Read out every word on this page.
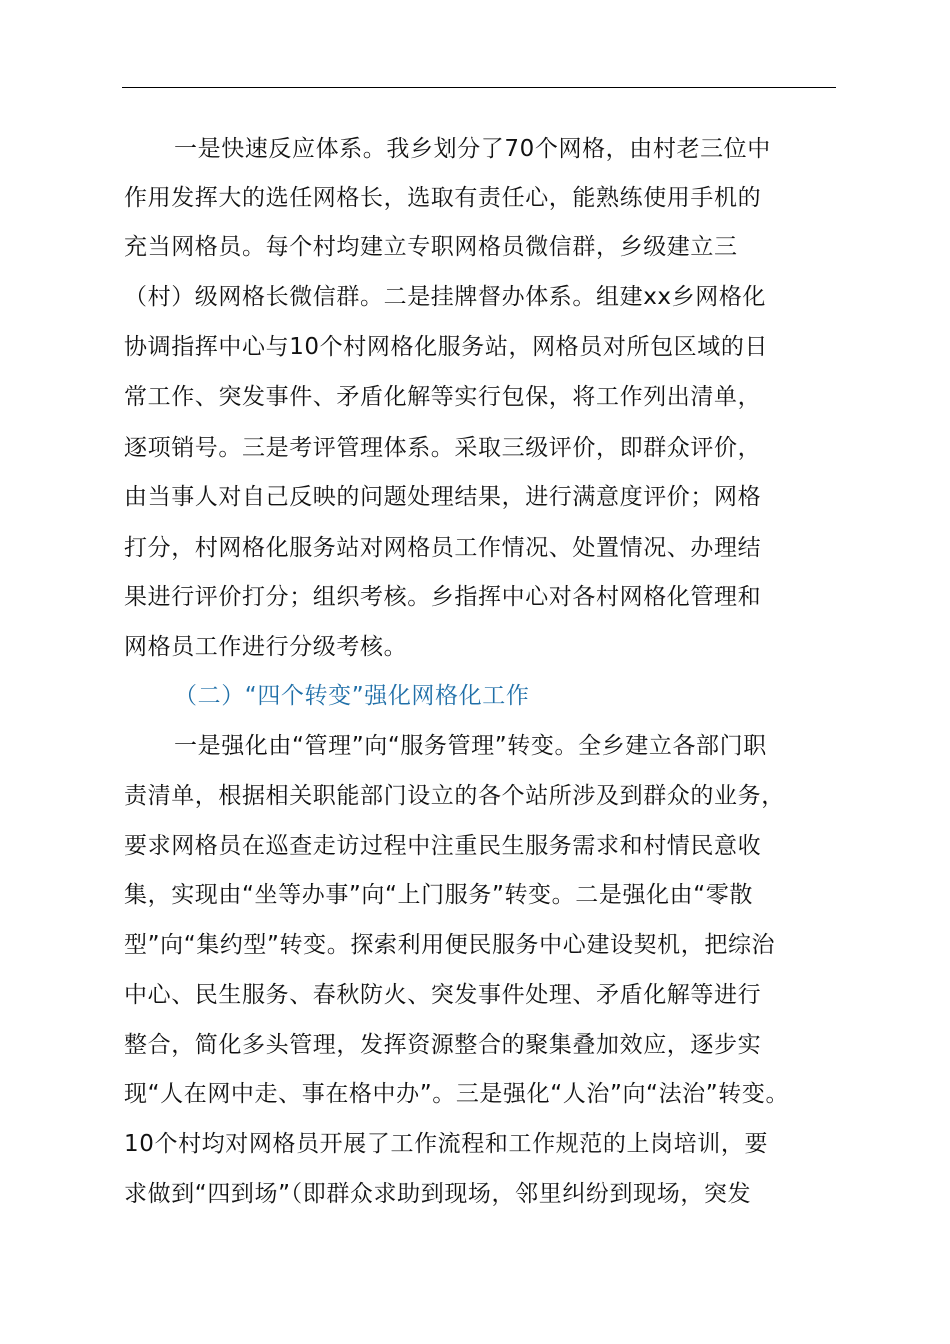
一是快速反应体系。我乡划分了70个网格，由村老三位中

作用发挥大的选任网格长，选取有责任心，能熟练使用手机的

充当网格员。每个村均建立专职网格员微信群，乡级建立三

（村）级网格长微信群。二是挂牌督办体系。组建xx乡网格化

协调指挥中心与10个村网格化服务站，网格员对所包区域的日

常工作、突发事件、矛盾化解等实行包保，将工作列出清单，

逐项销号。三是考评管理体系。采取三级评价，即群众评价，

由当事人对自己反映的问题处理结果，进行满意度评价；网格

打分，村网格化服务站对网格员工作情况、处置情况、办理结

果进行评价打分；组织考核。乡指挥中心对各村网格化管理和

网格员工作进行分级考核。

（二）“四个转变”强化网格化工作

一是强化由“管理”向“服务管理”转变。全乡建立各部门职

责清单，根据相关职能部门设立的各个站所涉及到群众的业务，

要求网格员在巡查走访过程中注重民生服务需求和村情民意收

集，实现由“坐等办事”向“上门服务”转变。二是强化由“零散

型”向“集约型”转变。探索利用便民服务中心建设契机，把综治

中心、民生服务、春秋防火、突发事件处理、矛盾化解等进行

整合，简化多头管理，发挥资源整合的聚集叠加效应，逐步实

现“人在网中走、事在格中办”。三是强化“人治”向“法治”转变。

10个村均对网格员开展了工作流程和工作规范的上岗培训，要

求做到“四到场”（即群众求助到现场，邻里纠纷到现场，突发
